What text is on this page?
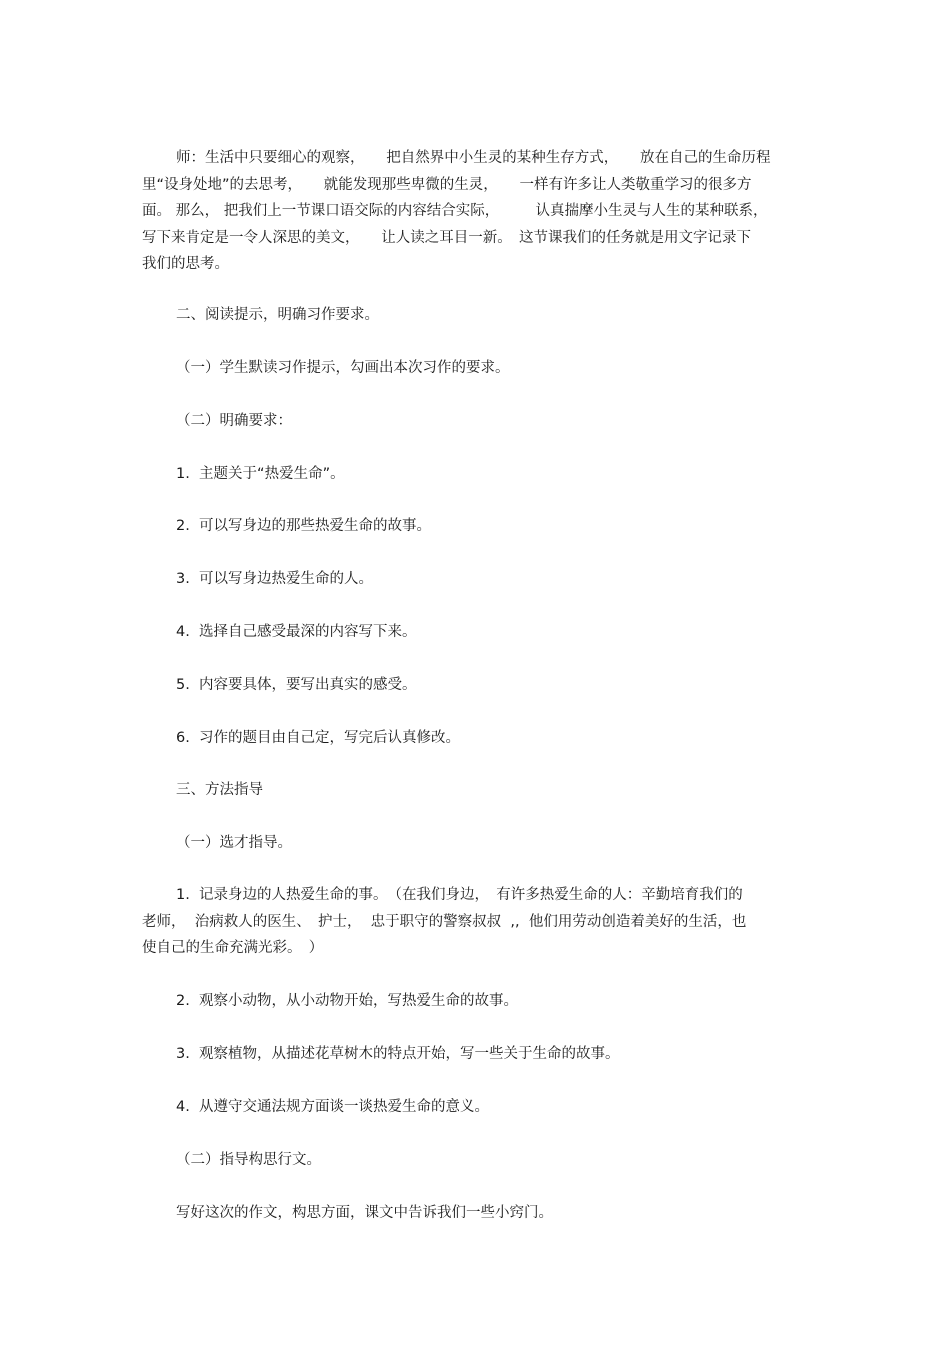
师：生活中只要细心的观察，　　把自然界中小生灵的某种生存方式，　　放在自己的生命历程
里“设身处地”的去思考，　　就能发现那些卑微的生灵，　　一样有许多让人类敬重学习的很多方
面。 那么， 把我们上一节课口语交际的内容结合实际，　　　认真揣摩小生灵与人生的某种联系，
写下来肯定是一令人深思的美文，　　让人读之耳目一新。　这节课我们的任务就是用文字记录下
我们的思考。

二、阅读提示，明确习作要求。

（一）学生默读习作提示，勾画出本次习作的要求。

（二）明确要求：

1.  主题关于“热爱生命”。

2.  可以写身边的那些热爱生命的故事。

3.  可以写身边热爱生命的人。

4.  选择自己感受最深的内容写下来。

5.  内容要具体，要写出真实的感受。

6.  习作的题目由自己定，写完后认真修改。

三、方法指导

（一）选才指导。

1.  记录身边的人热爱生命的事。　（在我们身边，　有许多热爱生命的人：辛勤培育我们的
老师，  治病救人的医生、　护士，  忠于职守的警察叔叔  ,,  他们用劳动创造着美好的生活，也
使自己的生命充满光彩。　）

2.  观察小动物，从小动物开始，写热爱生命的故事。

3.  观察植物，从描述花草树木的特点开始，写一些关于生命的故事。

4.  从遵守交通法规方面谈一谈热爱生命的意义。

（二）指导构思行文。

写好这次的作文，构思方面，课文中告诉我们一些小窍门。
